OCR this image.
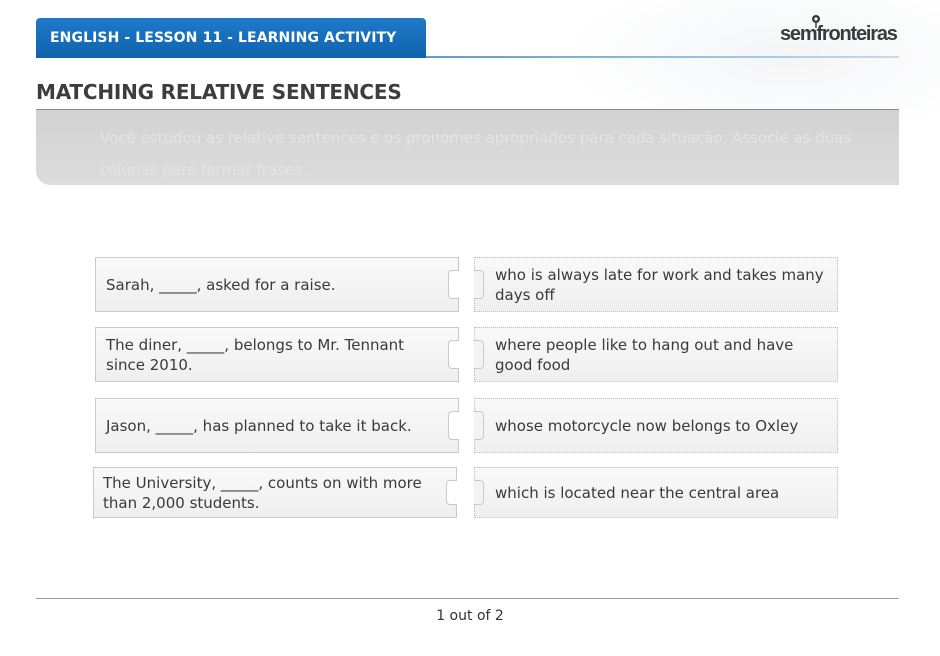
ENGLISH - LESSON 11 - LEARNING ACTIVITY	semfronteiras
MATCHING RELATIVE SENTENCES
Você estudou as relative sentences e os pronomes apropriados para cada situação. Associe as duas colunas para formar frases.
Sarah, _____, asked for a raise.
The diner, _____, belongs to Mr. Tennant since 2010.
Jason, _____, has planned to take it back.
The University, _____, counts on with more than 2,000 students.
who is always late for work and takes many days off
where people like to hang out and have good food
whose motorcycle now belongs to Oxley
which is located near the central area
1 out of 2
